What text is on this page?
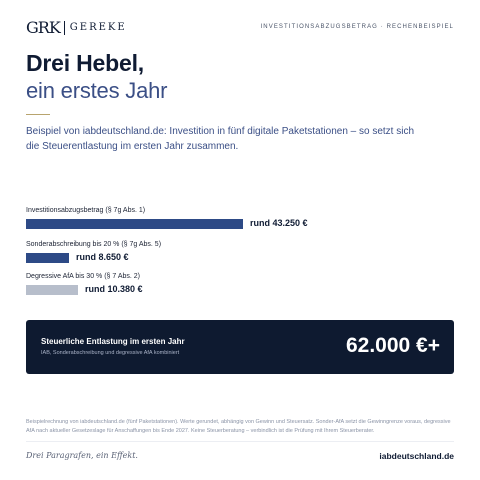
GRK GEREKE	INVESTITIONSABZUGSBETRAG · RECHENBEISPIEL
Drei Hebel,
ein erstes Jahr
Beispiel von iabdeutschland.de: Investition in fünf digitale Paketstationen – so setzt sich die Steuerentlastung im ersten Jahr zusammen.
Investitionsabzugsbetrag (§ 7g Abs. 1)
rund 43.250 €
Sonderabschreibung bis 20 % (§ 7g Abs. 5)
rund 8.650 €
Degressive AfA bis 30 % (§ 7 Abs. 2)
rund 10.380 €
Steuerliche Entlastung im ersten Jahr
IAB, Sonderabschreibung und degressive AfA kombiniert	62.000 €+
Beispielrechnung von iabdeutschland.de (fünf Paketstationen). Werte gerundet, abhängig von Gewinn und Steuersatz. Sonder-AfA setzt die Gewinngrenze voraus, degressive AfA nach aktueller Gesetzeslage für Anschaffungen bis Ende 2027. Keine Steuerberatung – verbindlich ist die Prüfung mit Ihrem Steuerberater.
Drei Paragrafen, ein Effekt.	iabdeutschland.de
